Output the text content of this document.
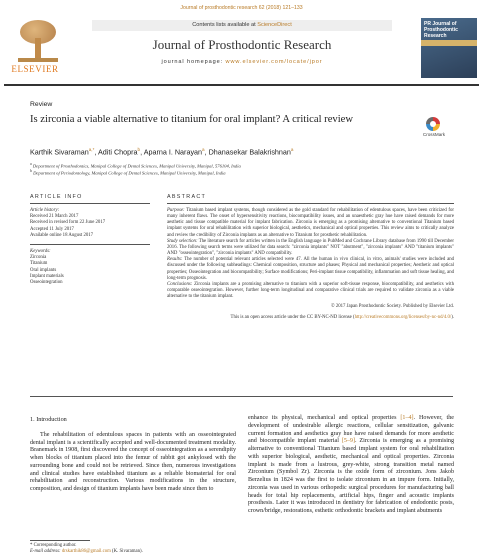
Journal of prosthodontic research 62 (2018) 121–133
ELSEVIER
Contents lists available at ScienceDirect
Journal of Prosthodontic Research
journal homepage: www.elsevier.com/locate/jpor
PR Journal of Prosthodontic Research
Review
Is zirconia a viable alternative to titanium for oral implant? A critical review
CrossMark
Karthik Sivaraman$^{a,*}$, Aditi Chopra$^b$, Aparna I. Narayan$^a$, Dhanasekar Balakrishnan$^a$
$^a$ Department of Prosthodontics, Manipal College of Dental Sciences, Manipal University, Manipal, 576104, India
$^b$ Department of Periodontology, Manipal College of Dental Sciences, Manipal University, Manipal, India
ARTICLE INFO	ABSTRACT
Article history:
Received 21 March 2017
Received in revised form 22 June 2017
Accepted 11 July 2017
Available online 18 August 2017
Keywords:
Zirconia
Titanium
Oral implants
Implant materials
Osseointegration

Purpose: Titanium based implant systems, though considered as the gold standard for rehabilitation of edentulous spaces, have been criticized for many inherent flaws. The onset of hypersensitivity reactions, biocompatibility issues, and an unaesthetic gray hue have raised demands for more aesthetic and tissue compatible material for implant fabrication. Zirconia is emerging as a promising alternative to conventional Titanium based implant systems for oral rehabilitation with superior biological, aesthetics, mechanical and optical properties. This review aims to critically analyze and review the credibility of Zirconia implants as an alternative to Titanium for prosthetic rehabilitation.

Study selection: The literature search for articles written in the English language in PubMed and Cochrane Library database from 1990 till December 2016. The following search terms were utilized for data search: "zirconia implants" NOT "abutment", "zirconia implants" AND "titanium implants" AND "osseointegration", "zirconia implants" AND compatibility.

Results: The number of potential relevant articles selected were 47. All the human in vivo clinical, in vitro, animals' studies were included and discussed under the following subheadings: Chemical composition, structure and phases; Physical and mechanical properties; Aesthetic and optical properties; Osseointegration and biocompatibility; Surface modifications; Peri-implant tissue compatibility, inflammation and soft tissue healing, and long-term prognosis.

Conclusions: Zirconia implants are a promising alternative to titanium with a superior soft-tissue response, biocompatibility, and aesthetics with comparable osseointegration. However, further long-term longitudinal and comparative clinical trials are required to validate zirconia as a viable alternative to the titanium implant.

© 2017 Japan Prosthodontic Society. Published by Elsevier Ltd.

This is an open access article under the CC BY-NC-ND license (http://creativecommons.org/licenses/by-nc-nd/4.0/).

1. Introduction

The rehabilitation of edentulous spaces in patients with an osseointegrated dental implant is a scientifically accepted and well-documented treatment modality. Branemark in 1908, first discovered the concept of osseointegration as a serendipity when blocks of titanium placed into the femur of rabbit got ankylosed with the surrounding bone and could not be retrieved. Since then, numerous investigations and clinical studies have established titanium as a reliable biomaterial for oral rehabilitation and reconstruction. Various modifications in the structure, composition, and design of titanium implants have been made since then to

enhance its physical, mechanical and optical properties [1–4]. However, the development of undesirable allergic reactions, cellular sensitization, galvanic current formation and aesthetics gray hue have raised demands for more aesthetic and biocompatible implant material [5–9]. Zirconia is emerging as a promising alternative to conventional Titanium based implant system for oral rehabilitation with superior biological, aesthetic, mechanical and optical properties. Zirconia implant is made from a lustrous, grey-white, strong transition metal named Zirconium (Symbol Zr). Zirconia is the oxide form of zirconium. Jons Jakob Berzelius in 1824 was the first to isolate zirconium in an impure form. Initially, zirconia was used in various orthopedic surgical procedures for manufacturing ball heads for total hip replacements, artificial hips, finger and acoustic implants prosthesis. Later it was introduced in dentistry for fabrication of endodontic posts, crown/bridge, restorations, esthetic orthodontic brackets and implant abutments

* Corresponding author.
E-mail address: drskarthik86@gmail.com (K. Sivaraman).
